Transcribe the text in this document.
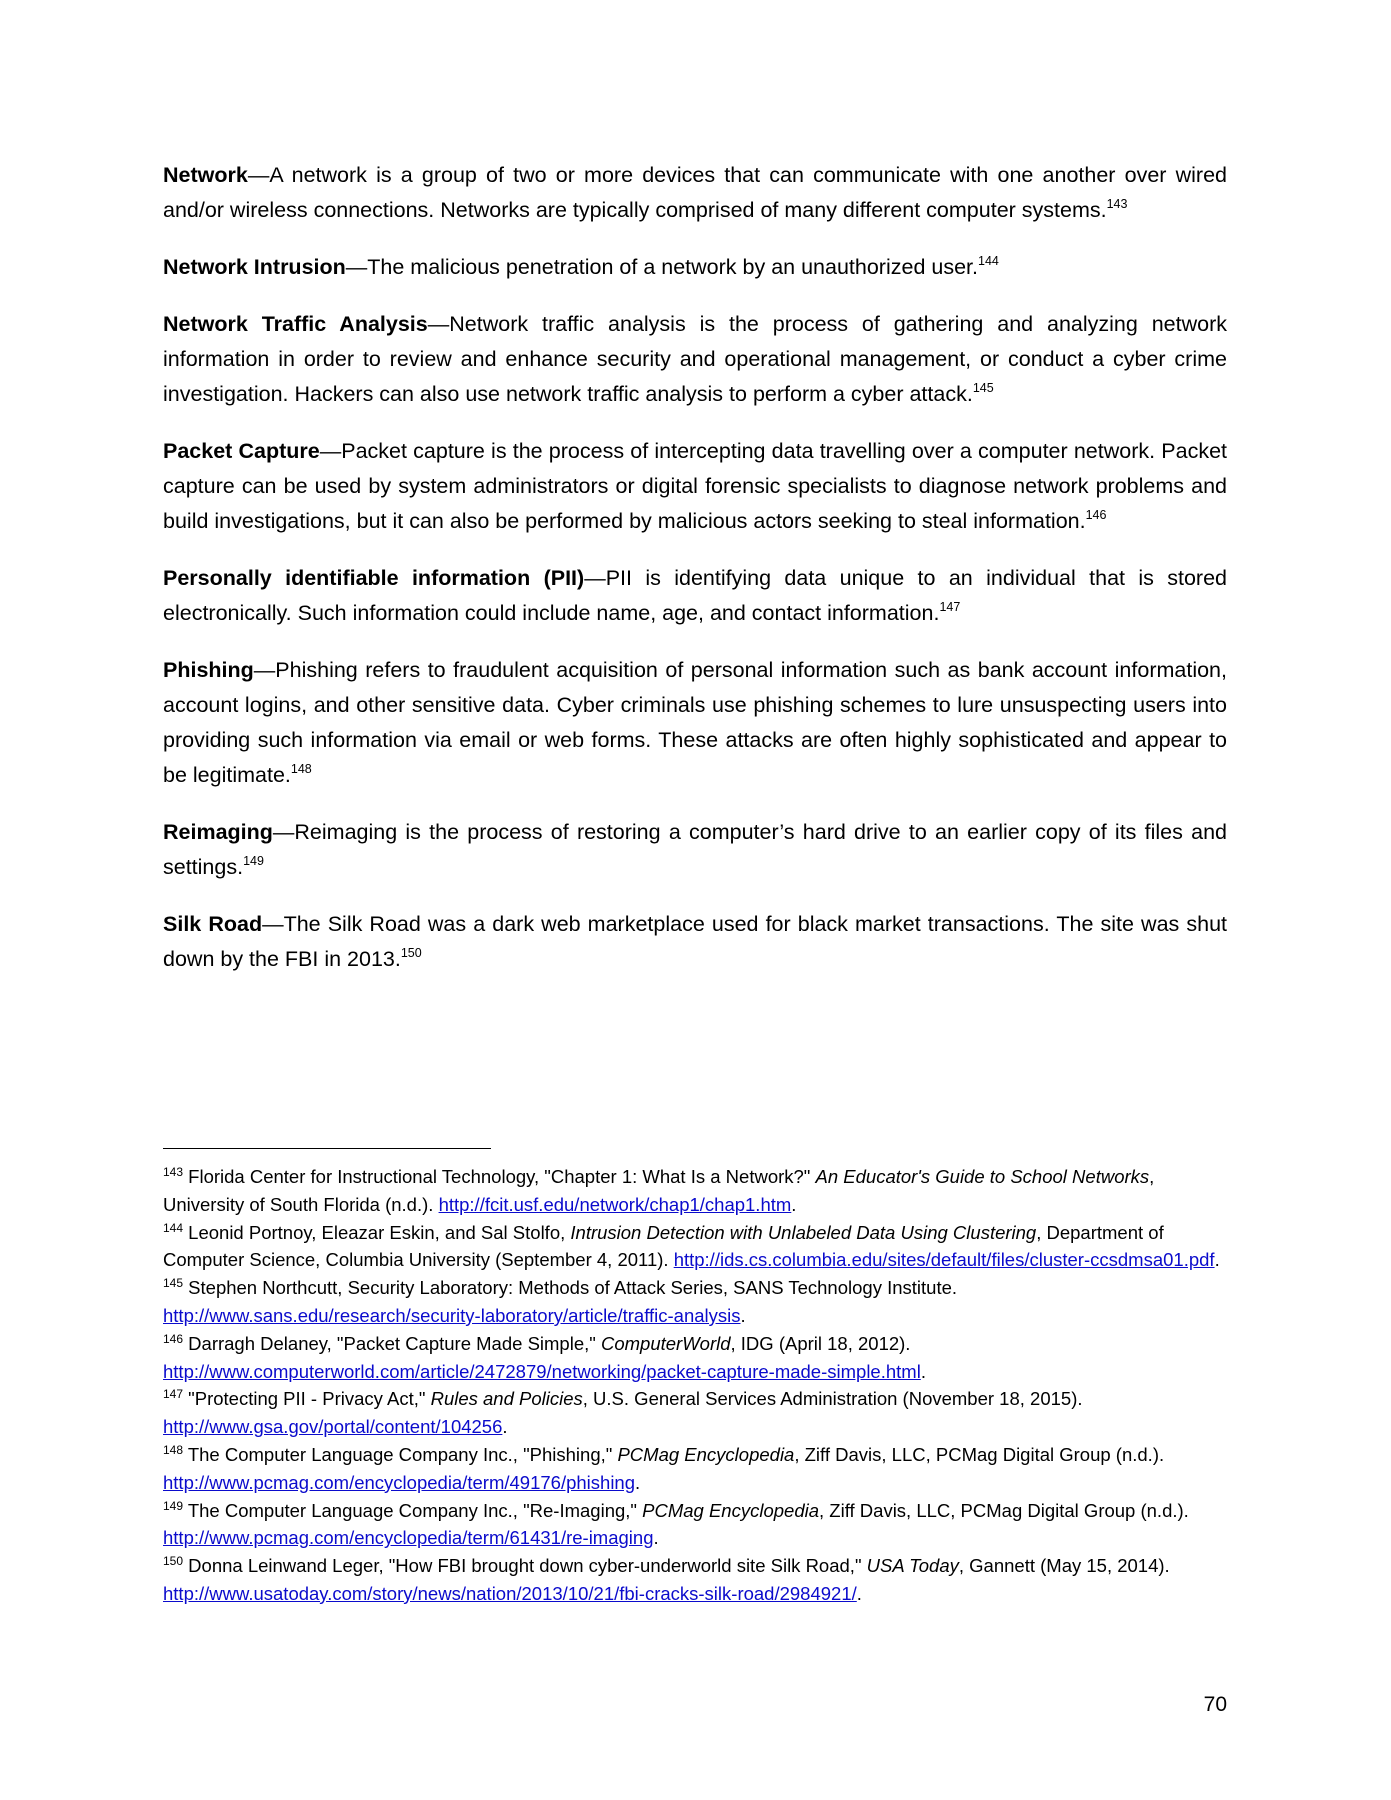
Network—A network is a group of two or more devices that can communicate with one another over wired and/or wireless connections. Networks are typically comprised of many different computer systems.$^{143}$

Network Intrusion—The malicious penetration of a network by an unauthorized user.$^{144}$

Network Traffic Analysis—Network traffic analysis is the process of gathering and analyzing network information in order to review and enhance security and operational management, or conduct a cyber crime investigation. Hackers can also use network traffic analysis to perform a cyber attack.$^{145}$

Packet Capture—Packet capture is the process of intercepting data travelling over a computer network. Packet capture can be used by system administrators or digital forensic specialists to diagnose network problems and build investigations, but it can also be performed by malicious actors seeking to steal information.$^{146}$

Personally identifiable information (PII)—PII is identifying data unique to an individual that is stored electronically. Such information could include name, age, and contact information.$^{147}$

Phishing—Phishing refers to fraudulent acquisition of personal information such as bank account information, account logins, and other sensitive data. Cyber criminals use phishing schemes to lure unsuspecting users into providing such information via email or web forms. These attacks are often highly sophisticated and appear to be legitimate.$^{148}$

Reimaging—Reimaging is the process of restoring a computer’s hard drive to an earlier copy of its files and settings.$^{149}$

Silk Road—The Silk Road was a dark web marketplace used for black market transactions. The site was shut down by the FBI in 2013.$^{150}$

$^{143}$ Florida Center for Instructional Technology, "Chapter 1: What Is a Network?" An Educator's Guide to School Networks, University of South Florida (n.d.). http://fcit.usf.edu/network/chap1/chap1.htm.

$^{144}$ Leonid Portnoy, Eleazar Eskin, and Sal Stolfo, Intrusion Detection with Unlabeled Data Using Clustering, Department of Computer Science, Columbia University (September 4, 2011). http://ids.cs.columbia.edu/sites/default/files/cluster-ccsdmsa01.pdf.

$^{145}$ Stephen Northcutt, Security Laboratory: Methods of Attack Series, SANS Technology Institute. http://www.sans.edu/research/security-laboratory/article/traffic-analysis.

$^{146}$ Darragh Delaney, "Packet Capture Made Simple," ComputerWorld, IDG (April 18, 2012). http://www.computerworld.com/article/2472879/networking/packet-capture-made-simple.html.

$^{147}$ "Protecting PII - Privacy Act," Rules and Policies, U.S. General Services Administration (November 18, 2015). http://www.gsa.gov/portal/content/104256.

$^{148}$ The Computer Language Company Inc., "Phishing," PCMag Encyclopedia, Ziff Davis, LLC, PCMag Digital Group (n.d.). http://www.pcmag.com/encyclopedia/term/49176/phishing.

$^{149}$ The Computer Language Company Inc., "Re-Imaging," PCMag Encyclopedia, Ziff Davis, LLC, PCMag Digital Group (n.d.). http://www.pcmag.com/encyclopedia/term/61431/re-imaging.

$^{150}$ Donna Leinwand Leger, "How FBI brought down cyber-underworld site Silk Road," USA Today, Gannett (May 15, 2014). http://www.usatoday.com/story/news/nation/2013/10/21/fbi-cracks-silk-road/2984921/.

70
